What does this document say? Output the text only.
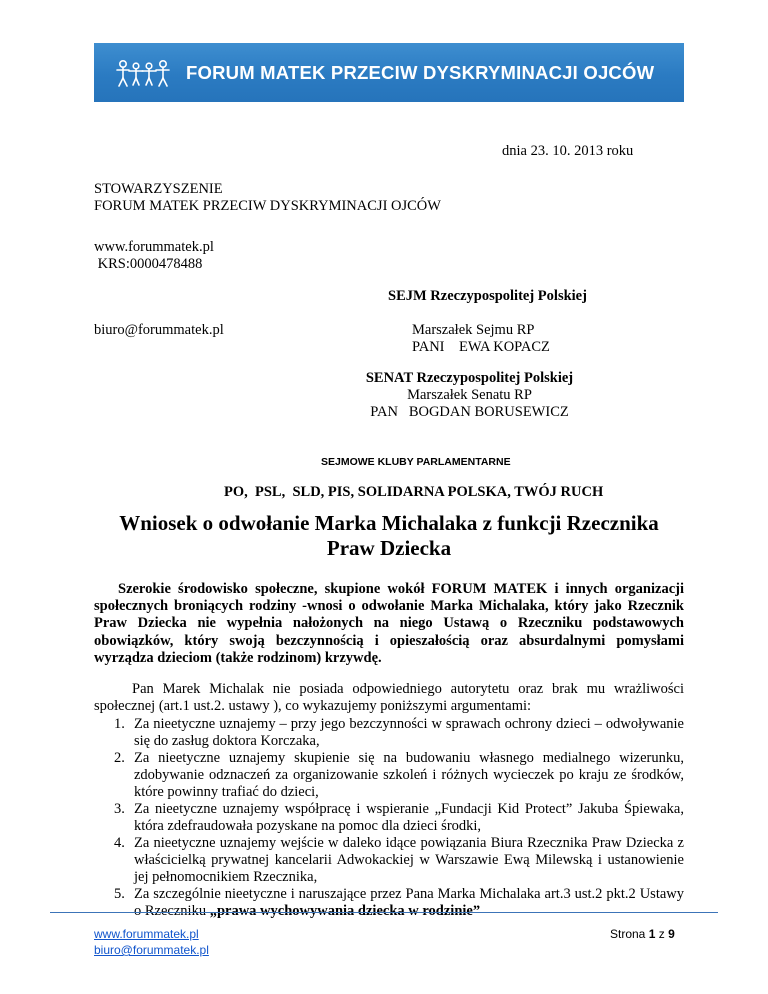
FORUM MATEK PRZECIW DYSKRYMINACJI OJCÓW
dnia 23. 10. 2013 roku
STOWARZYSZENIE
FORUM MATEK PRZECIW DYSKRYMINACJI OJCÓW
www.forummatek.pl
KRS:0000478488
SEJM Rzeczypospolitej Polskiej
biuro@forummatek.pl	Marszałek Sejmu RP
PANI    EWA KOPACZ
SENAT Rzeczypospolitej Polskiej
Marszałek Senatu RP
PAN   BOGDAN BORUSEWICZ
SEJMOWE KLUBY PARLAMENTARNE
PO,  PSL,  SLD, PIS, SOLIDARNA POLSKA, TWÓJ RUCH
Wniosek o odwołanie Marka Michalaka z funkcji Rzecznika Praw Dziecka
Szerokie środowisko społeczne, skupione wokół FORUM MATEK i innych organizacji społecznych broniących rodziny -wnosi o odwołanie Marka Michalaka, który jako Rzecznik Praw Dziecka nie wypełnia nałożonych na niego Ustawą o Rzeczniku podstawowych obowiązków, który swoją bezczynnością i opieszałością oraz absurdalnymi pomysłami wyrządza dzieciom (także rodzinom) krzywdę.
Pan Marek Michalak nie posiada odpowiedniego autorytetu oraz brak mu wrażliwości społecznej (art.1 ust.2. ustawy ), co wykazujemy poniższymi argumentami:
1. Za nieetyczne uznajemy – przy jego bezczynności w sprawach ochrony dzieci – odwoływanie się do zasług doktora Korczaka,
2. Za nieetyczne uznajemy skupienie się na budowaniu własnego medialnego wizerunku, zdobywanie odznaczeń za organizowanie szkoleń i różnych wycieczek po kraju ze środków, które powinny trafiać do dzieci,
3. Za nieetyczne uznajemy współpracę i wspieranie „Fundacji Kid Protect” Jakuba Śpiewaka, która zdefraudowała pozyskane na pomoc dla dzieci środki,
4. Za nieetyczne uznajemy wejście w daleko idące powiązania Biura Rzecznika Praw Dziecka z właścicielką prywatnej kancelarii Adwokackiej w Warszawie Ewą Milewską i ustanowienie jej pełnomocnikiem Rzecznika,
5. Za szczególnie nieetyczne i naruszające przez Pana Marka Michalaka art.3 ust.2 pkt.2 Ustawy o Rzeczniku „prawa wychowywania dziecka w rodzinie”
www.forummatek.pl
biuro@forummatek.pl
Strona 1 z 9
